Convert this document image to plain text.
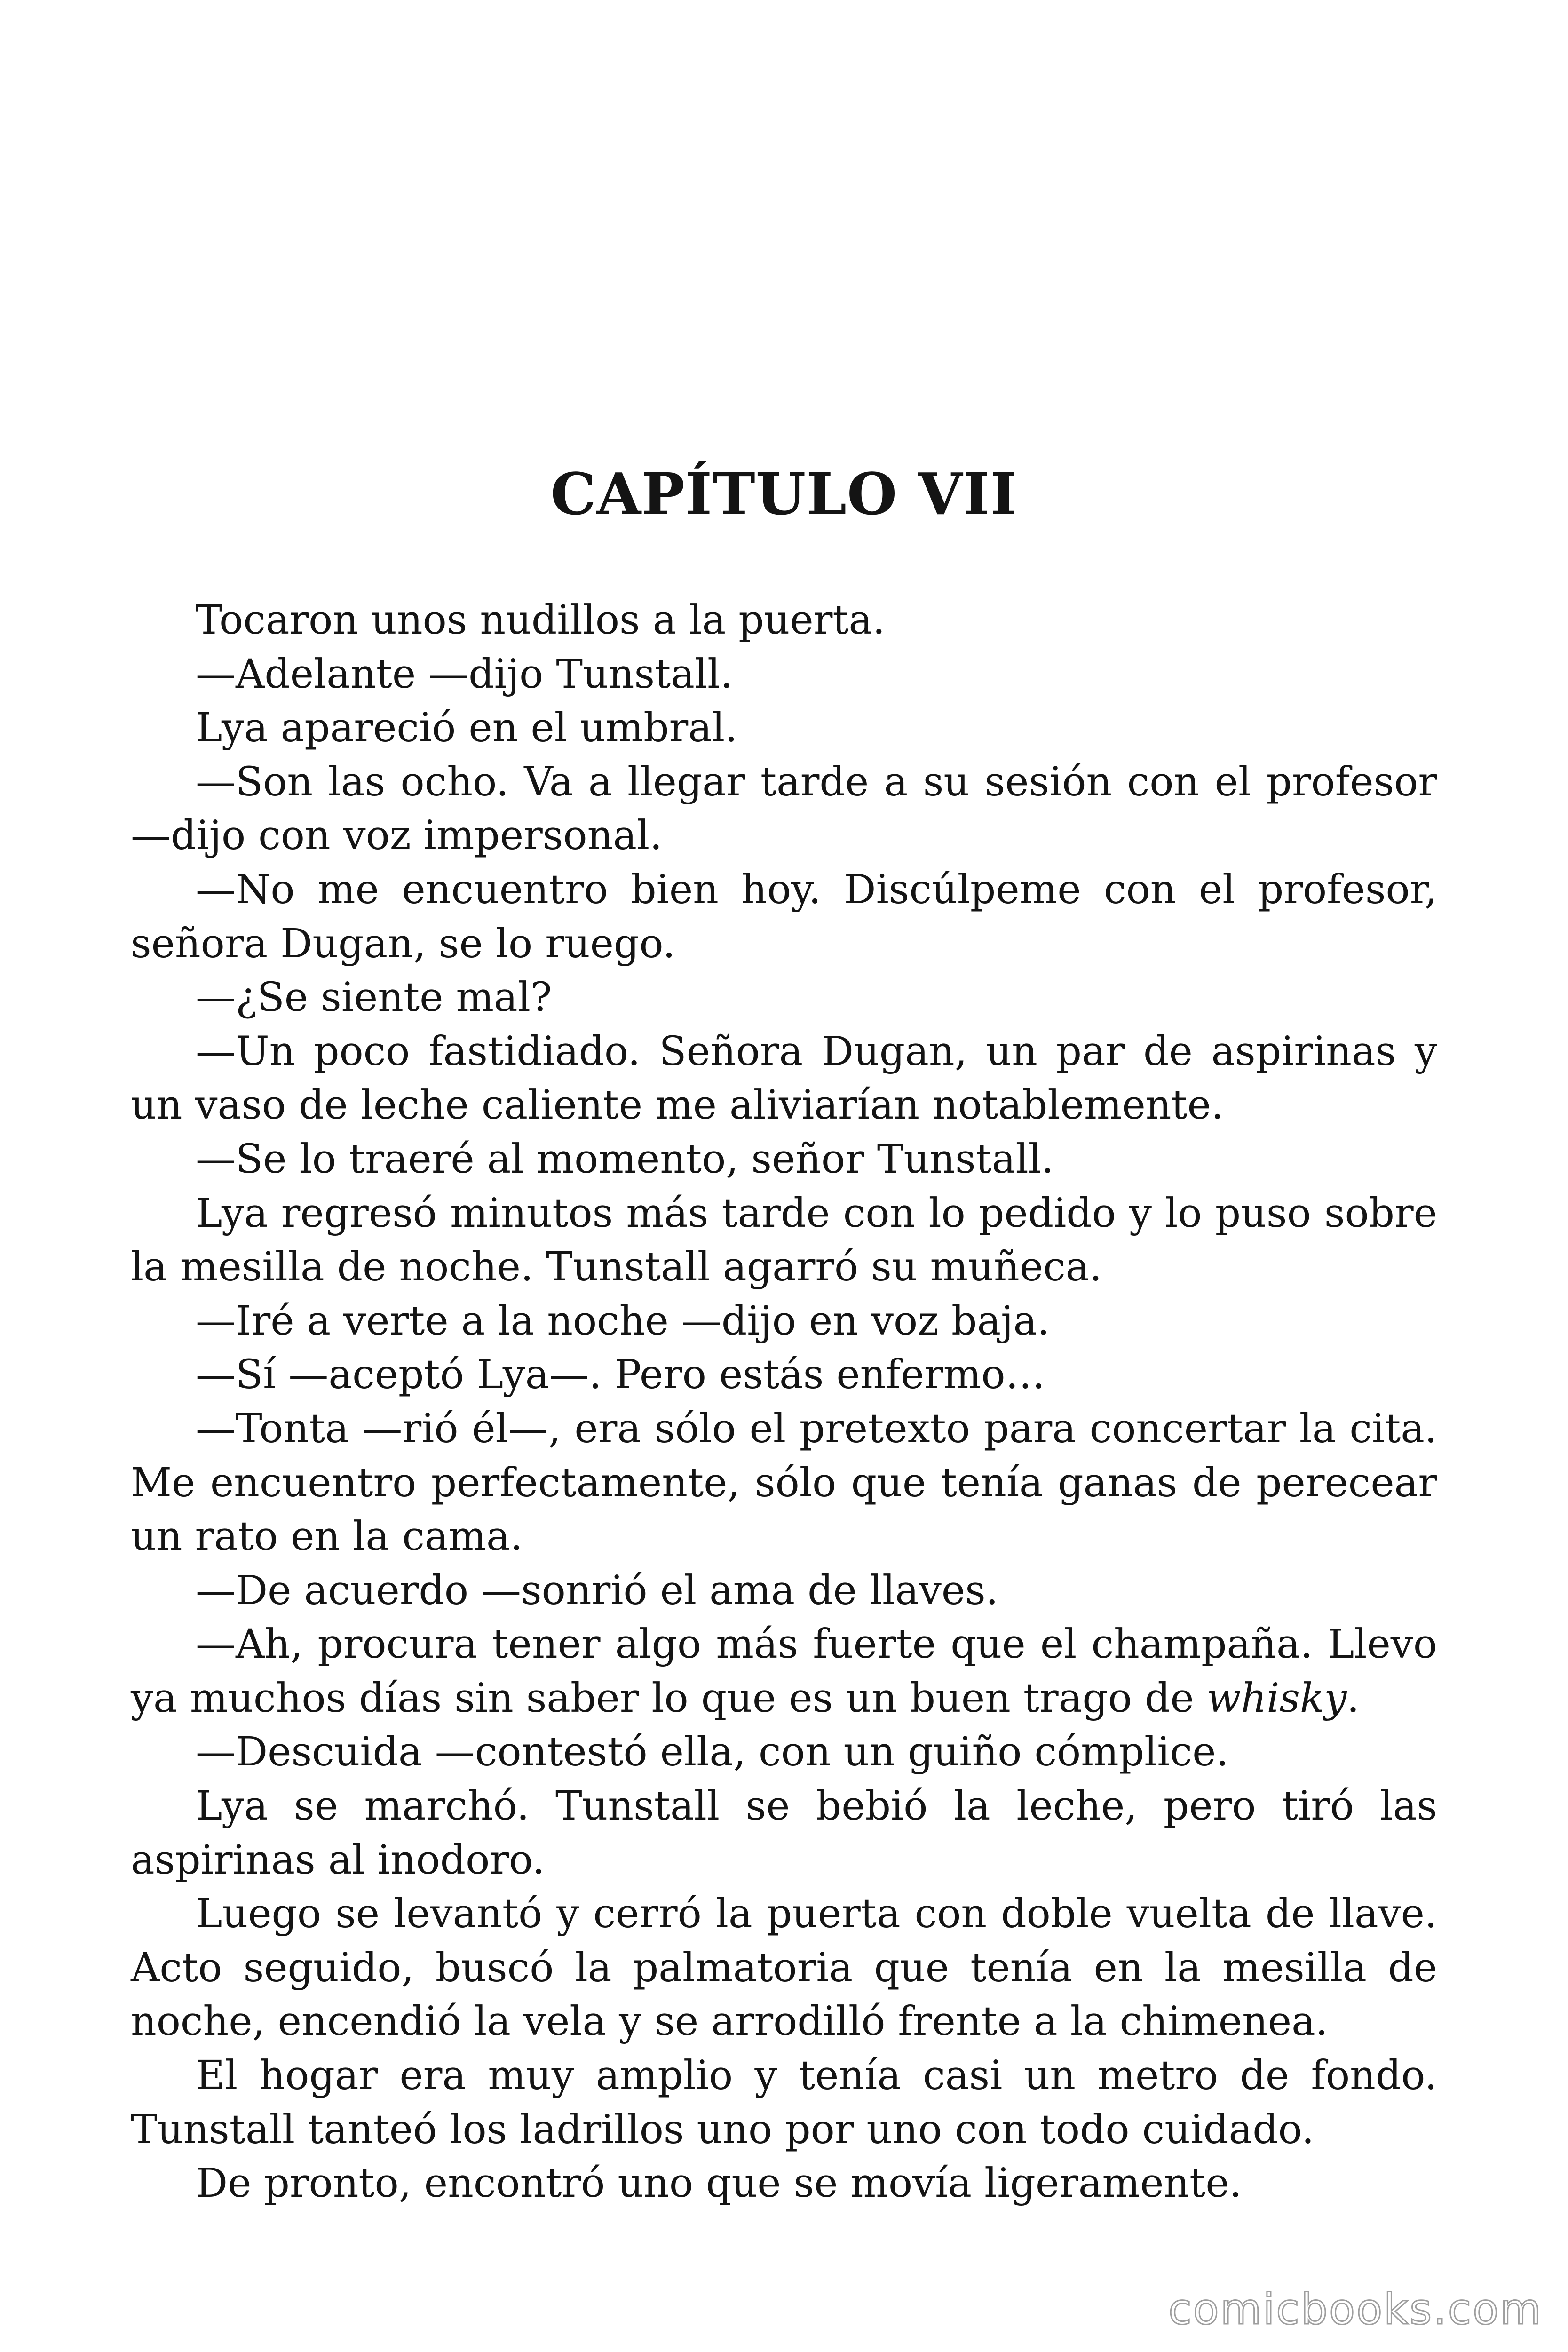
CAPÍTULO VII

Tocaron unos nudillos a la puerta.

—Adelante —dijo Tunstall.

Lya apareció en el umbral.

—Son las ocho. Va a llegar tarde a su sesión con el profesor —dijo con voz impersonal.

—No me encuentro bien hoy. Discúlpeme con el profesor, señora Dugan, se lo ruego.

—¿Se siente mal?

—Un poco fastidiado. Señora Dugan, un par de aspirinas y un vaso de leche caliente me aliviarían notablemente.

—Se lo traeré al momento, señor Tunstall.

Lya regresó minutos más tarde con lo pedido y lo puso sobre la mesilla de noche. Tunstall agarró su muñeca.

—Iré a verte a la noche —dijo en voz baja.

—Sí —aceptó Lya—. Pero estás enfermo…

—Tonta —rió él—, era sólo el pretexto para concertar la cita. Me encuentro perfectamente, sólo que tenía ganas de perecear un rato en la cama.

—De acuerdo —sonrió el ama de llaves.

—Ah, procura tener algo más fuerte que el champaña. Llevo ya muchos días sin saber lo que es un buen trago de whisky.

—Descuida —contestó ella, con un guiño cómplice.

Lya se marchó. Tunstall se bebió la leche, pero tiró las aspirinas al inodoro.

Luego se levantó y cerró la puerta con doble vuelta de llave. Acto seguido, buscó la palmatoria que tenía en la mesilla de noche, encendió la vela y se arrodilló frente a la chimenea.

El hogar era muy amplio y tenía casi un metro de fondo. Tunstall tanteó los ladrillos uno por uno con todo cuidado.

De pronto, encontró uno que se movía ligeramente.

comicbooks.com
